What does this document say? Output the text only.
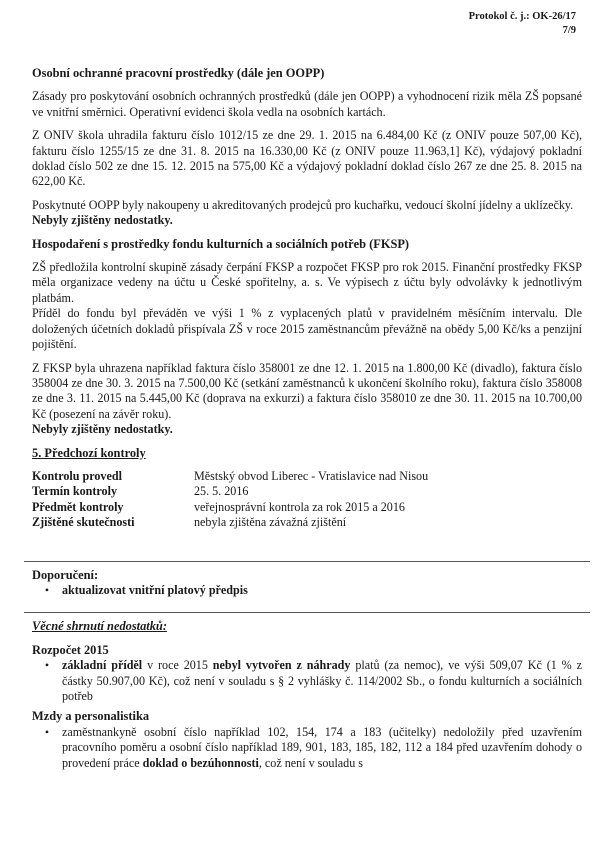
Protokol č. j.: OK-26/17
7/9

Osobní ochranné pracovní prostředky (dále jen OOPP)

Zásady pro poskytování osobních ochranných prostředků (dále jen OOPP) a vyhodnocení rizik měla ZŠ popsané ve vnitřní směrnici. Operativní evidenci škola vedla na osobních kartách.

Z ONIV škola uhradila fakturu číslo 1012/15 ze dne 29. 1. 2015 na 6.484,00 Kč (z ONIV pouze 507,00 Kč), fakturu číslo 1255/15 ze dne 31. 8. 2015 na 16.330,00 Kč (z ONIV pouze 11.963,1] Kč), výdajový pokladní doklad číslo 502 ze dne 15. 12. 2015 na 575,00 Kč a výdajový pokladní doklad číslo 267 ze dne 25. 8. 2015 na 622,00 Kč.

Poskytnuté OOPP byly nakoupeny u akreditovaných prodejců pro kuchařku, vedoucí školní jídelny a uklízečky.

Nebyly zjištěny nedostatky.

Hospodaření s prostředky fondu kulturních a sociálních potřeb (FKSP)

ZŠ předložila kontrolní skupině zásady čerpání FKSP a rozpočet FKSP pro rok 2015. Finanční prostředky FKSP měla organizace vedeny na účtu u České spořitelny, a. s. Ve výpisech z účtu byly odvolávky k jednotlivým platbám.

Příděl do fondu byl převáděn ve výši 1 % z vyplacených platů v pravidelném měsíčním intervalu. Dle doložených účetních dokladů přispívala ZŠ v roce 2015 zaměstnancům převážně na obědy 5,00 Kč/ks a penzijní pojištění.

Z FKSP byla uhrazena například faktura číslo 358001 ze dne 12. 1. 2015 na 1.800,00 Kč (divadlo), faktura číslo 358004 ze dne 30. 3. 2015 na 7.500,00 Kč (setkání zaměstnanců k ukončení školního roku), faktura číslo 358008 ze dne 3. 11. 2015 na 5.445,00 Kč (doprava na exkurzi) a faktura číslo 358010 ze dne 30. 11. 2015 na 10.700,00 Kč (posezení na závěr roku).

Nebyly zjištěny nedostatky.

5. Předchozí kontroly

Kontrolu provedl	Městský obvod Liberec - Vratislavice nad Nisou
Termín kontroly	25. 5. 2016
Předmět kontroly	veřejnosprávní kontrola za rok 2015 a 2016
Zjištěné skutečnosti	nebyla zjištěna závažná zjištění

Doporučení:

•	aktualizovat vnitřní platový předpis

Věcné shrnutí nedostatků:

Rozpočet 2015

•	základní příděl v roce 2015 nebyl vytvořen z náhrady platů (za nemoc), ve výši 509,07 Kč (1 % z částky 50.907,00 Kč), což není v souladu s § 2 vyhlášky č. 114/2002 Sb., o fondu kulturních a sociálních potřeb

Mzdy a personalistika

•	zaměstnankyně osobní číslo například 102, 154, 174 a 183 (učitelky) nedoložily před uzavřením pracovního poměru a osobní číslo například 189, 901, 183, 185, 182, 112 a 184 před uzavřením dohody o provedení práce doklad o bezúhonnosti, což není v souladu s
